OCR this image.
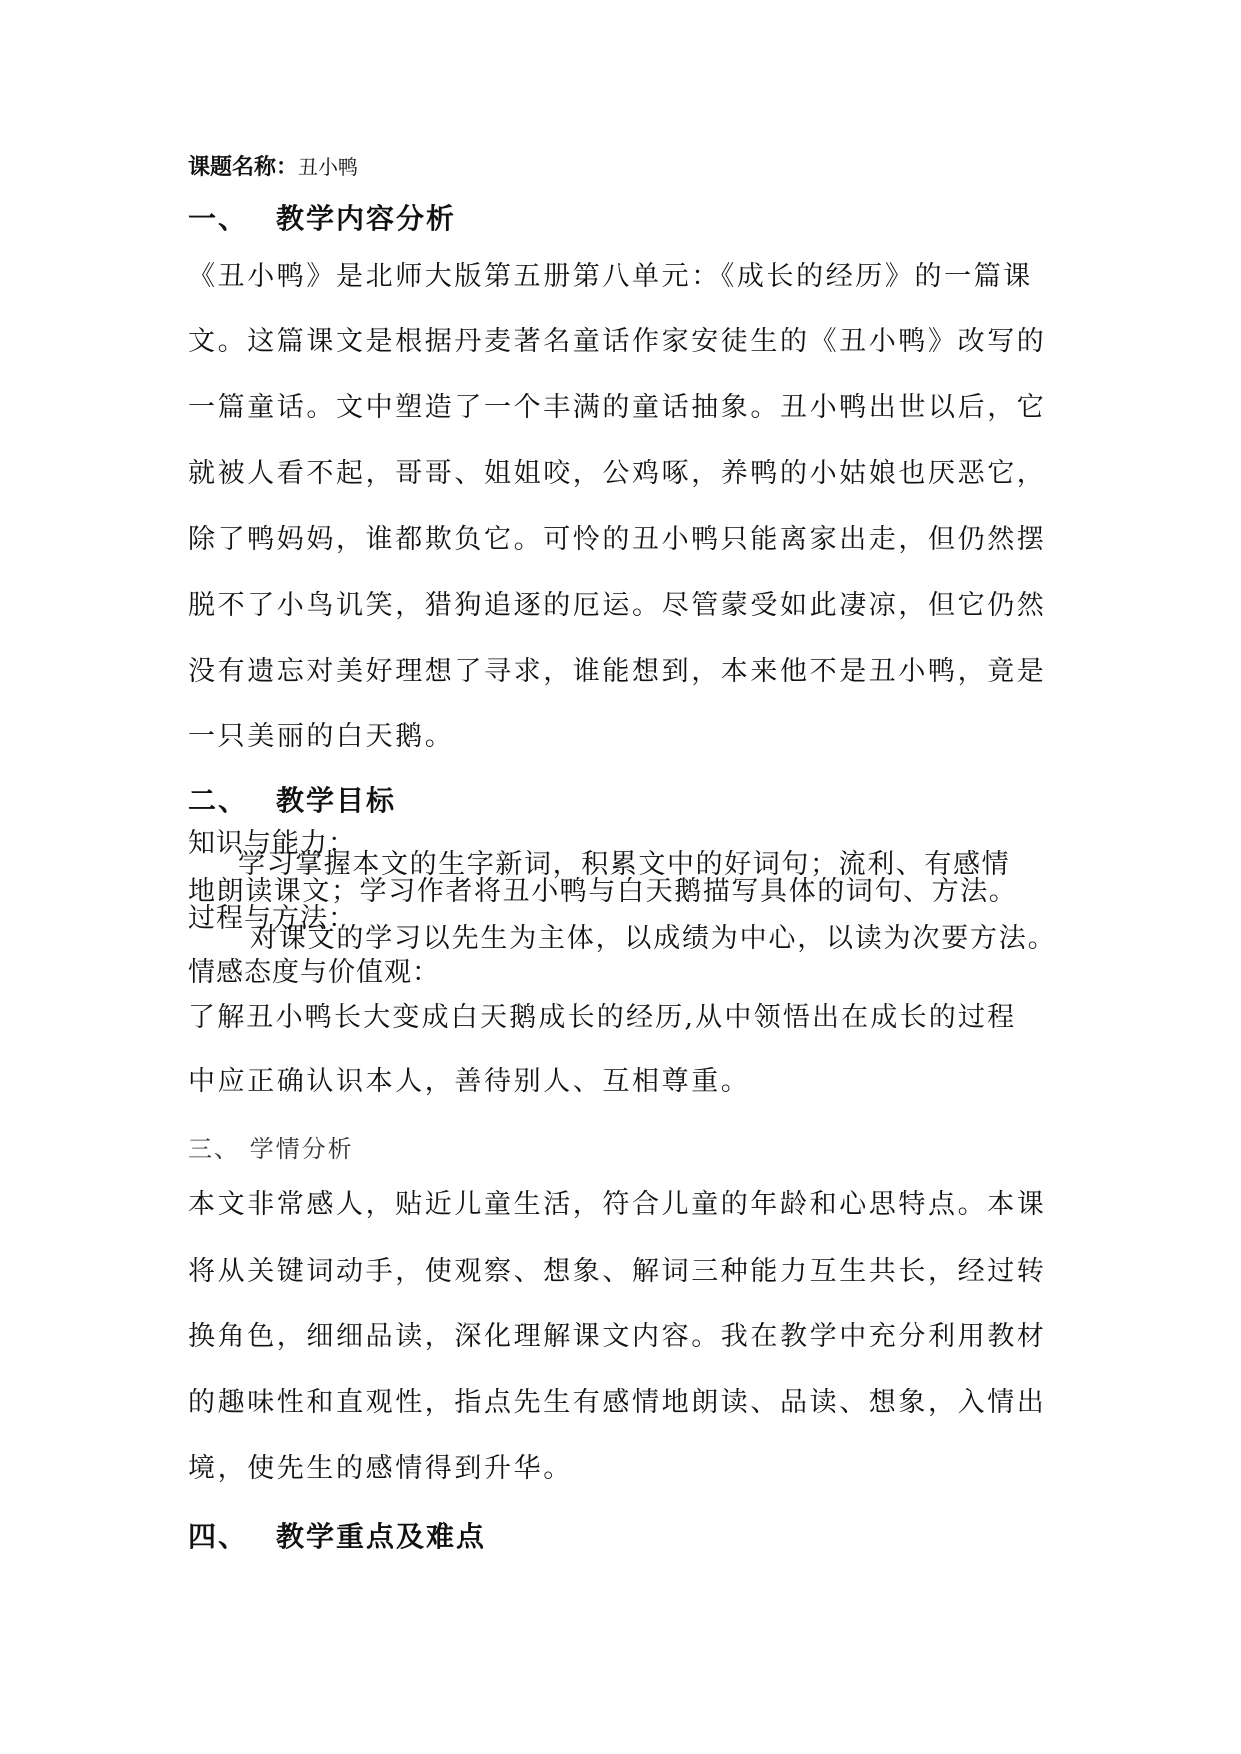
课题名称：丑小鸭
一、 教学内容分析
《丑小鸭》是北师大版第五册第八单元：《成长的经历》的一篇课
文。这篇课文是根据丹麦著名童话作家安徒生的《丑小鸭》改写的
一篇童话。文中塑造了一个丰满的童话抽象。丑小鸭出世以后，它
就被人看不起，哥哥、姐姐咬，公鸡啄，养鸭的小姑娘也厌恶它，
除了鸭妈妈，谁都欺负它。可怜的丑小鸭只能离家出走，但仍然摆
脱不了小鸟讥笑，猎狗追逐的厄运。尽管蒙受如此凄凉，但它仍然
没有遗忘对美好理想了寻求，谁能想到，本来他不是丑小鸭，竟是
一只美丽的白天鹅。
二、 教学目标
知识与能力：
学习掌握本文的生字新词，积累文中的好词句；流利、有感情
地朗读课文；学习作者将丑小鸭与白天鹅描写具体的词句、方法。
过程与方法：
对课文的学习以先生为主体，以成绩为中心，以读为次要方法。
情感态度与价值观：
了解丑小鸭长大变成白天鹅成长的经历,从中领悟出在成长的过程
中应正确认识本人，善待别人、互相尊重。
三、 学情分析
本文非常感人，贴近儿童生活，符合儿童的年龄和心思特点。本课
将从关键词动手，使观察、想象、解词三种能力互生共长，经过转
换角色，细细品读，深化理解课文内容。我在教学中充分利用教材
的趣味性和直观性，指点先生有感情地朗读、品读、想象，入情出
境，使先生的感情得到升华。
四、 教学重点及难点
